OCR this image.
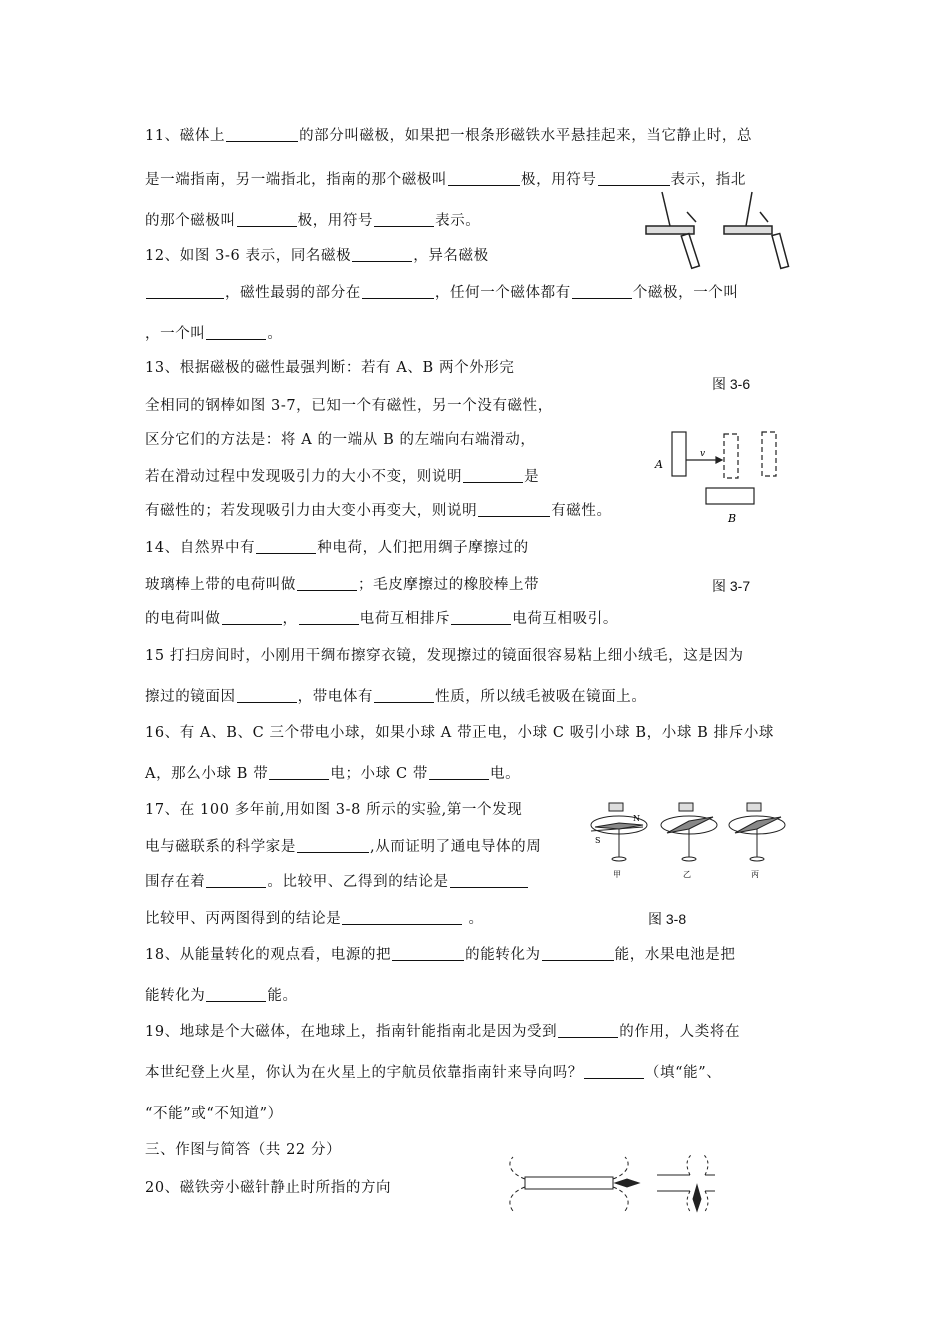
11、磁体上	的部分叫磁极，如果把一根条形磁铁水平悬挂起来，当它静止时，总
是一端指南，另一端指北，指南的那个磁极叫	极，用符号	表示，指北
的那个磁极叫	极，用符号	表示。
12、如图 3-6 表示，同名磁极	，异名磁极
，磁性最弱的部分在	，任何一个磁体都有	个磁极，一个叫
，一个叫	。
13、根据磁极的磁性最强判断：若有 A、B 两个外形完
图 3-6
全相同的钢棒如图 3-7，已知一个有磁性，另一个没有磁性，
区分它们的方法是：将 A 的一端从 B 的左端向右端滑动，
若在滑动过程中发现吸引力的大小不变，则说明	是
有磁性的；若发现吸引力由大变小再变大，则说明	有磁性。
A
v
B
14、自然界中有	种电荷，人们把用绸子摩擦过的
玻璃棒上带的电荷叫做	；毛皮摩擦过的橡胶棒上带	图 3-7
的电荷叫做	，	电荷互相排斥	电荷互相吸引。
15 打扫房间时，小刚用干绸布擦穿衣镜，发现擦过的镜面很容易粘上细小绒毛，这是因为
擦过的镜面因	，带电体有	性质，所以绒毛被吸在镜面上。
16、有 A、B、C 三个带电小球，如果小球 A 带正电，小球 C 吸引小球 B，小球 B 排斥小球
A，那么小球 B 带	电；小球 C 带	电。
17、在 100 多年前,用如图 3-8 所示的实验,第一个发现
电与磁联系的科学家是	,从而证明了通电导体的周
围存在着	。比较甲、乙得到的结论是
比较甲、丙两图得到的结论是	。
N
S
甲	乙	丙
图 3-8
18、从能量转化的观点看，电源的把	的能转化为	能，水果电池是把
能转化为	能。
19、地球是个大磁体，在地球上，指南针能指南北是因为受到	的作用，人类将在
本世纪登上火星，你认为在火星上的宇航员依靠指南针来导向吗？	（填“能”、
“不能”或“不知道”）
三、作图与简答（共 22 分）
20、磁铁旁小磁针静止时所指的方向
